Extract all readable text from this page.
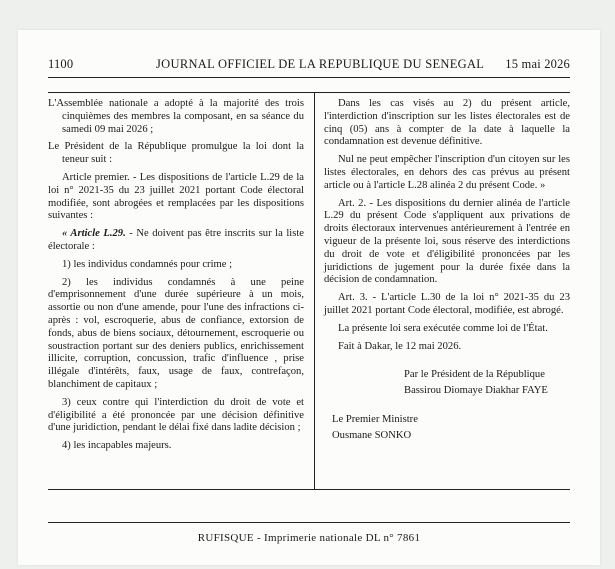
1100	JOURNAL OFFICIEL DE LA REPUBLIQUE DU SENEGAL 15 mai 2026

L'Assemblée nationale a adopté à la majorité des trois cinquièmes des membres la composant, en sa séance du samedi 09 mai 2026 ;

Le Président de la République promulgue la loi dont la teneur suit :

Article premier. - Les dispositions de l'article L.29 de la loi n° 2021-35 du 23 juillet 2021 portant Code électoral modifiée, sont abrogées et remplacées par les dispositions suivantes :

« Article L.29. - Ne doivent pas être inscrits sur la liste électorale :

1) les individus condamnés pour crime ;

2) les individus condamnés à une peine d'emprisonnement d'une durée supérieure à un mois, assortie ou non d'une amende, pour l'une des infractions ci-après : vol, escroquerie, abus de confiance, extorsion de fonds, abus de biens sociaux, détournement, escroquerie ou soustraction portant sur des deniers publics, enrichissement illicite, corruption, concussion, trafic d'influence , prise illégale d'intérêts, faux, usage de faux, contrefaçon, blanchiment de capitaux ;

3) ceux contre qui l'interdiction du droit de vote et d'éligibilité a été prononcée par une décision définitive d'une juridiction, pendant le délai fixé dans ladite décision ;

4) les incapables majeurs.

Dans les cas visés au 2) du présent article, l'interdiction d'inscription sur les listes électorales est de cinq (05) ans à compter de la date à laquelle la condamnation est devenue définitive.

Nul ne peut empêcher l'inscription d'un citoyen sur les listes électorales, en dehors des cas prévus au présent article ou à l'article L.28 alinéa 2 du présent Code. »

Art. 2. - Les dispositions du dernier alinéa de l'article L.29 du présent Code s'appliquent aux privations de droits électoraux intervenues antérieurement à l'entrée en vigueur de la présente loi, sous réserve des interdictions du droit de vote et d'éligibilité prononcées par les juridictions de jugement pour la durée fixée dans la décision de condamnation.

Art. 3. - L'article L.30 de la loi n° 2021-35 du 23 juillet 2021 portant Code électoral, modifiée, est abrogé.

La présente loi sera exécutée comme loi de l'État.

Fait à Dakar, le 12 mai 2026.

Par le Président de la République

Bassirou Diomaye Diakhar FAYE

Le Premier Ministre

Ousmane SONKO

RUFISQUE - Imprimerie nationale DL n° 7861
